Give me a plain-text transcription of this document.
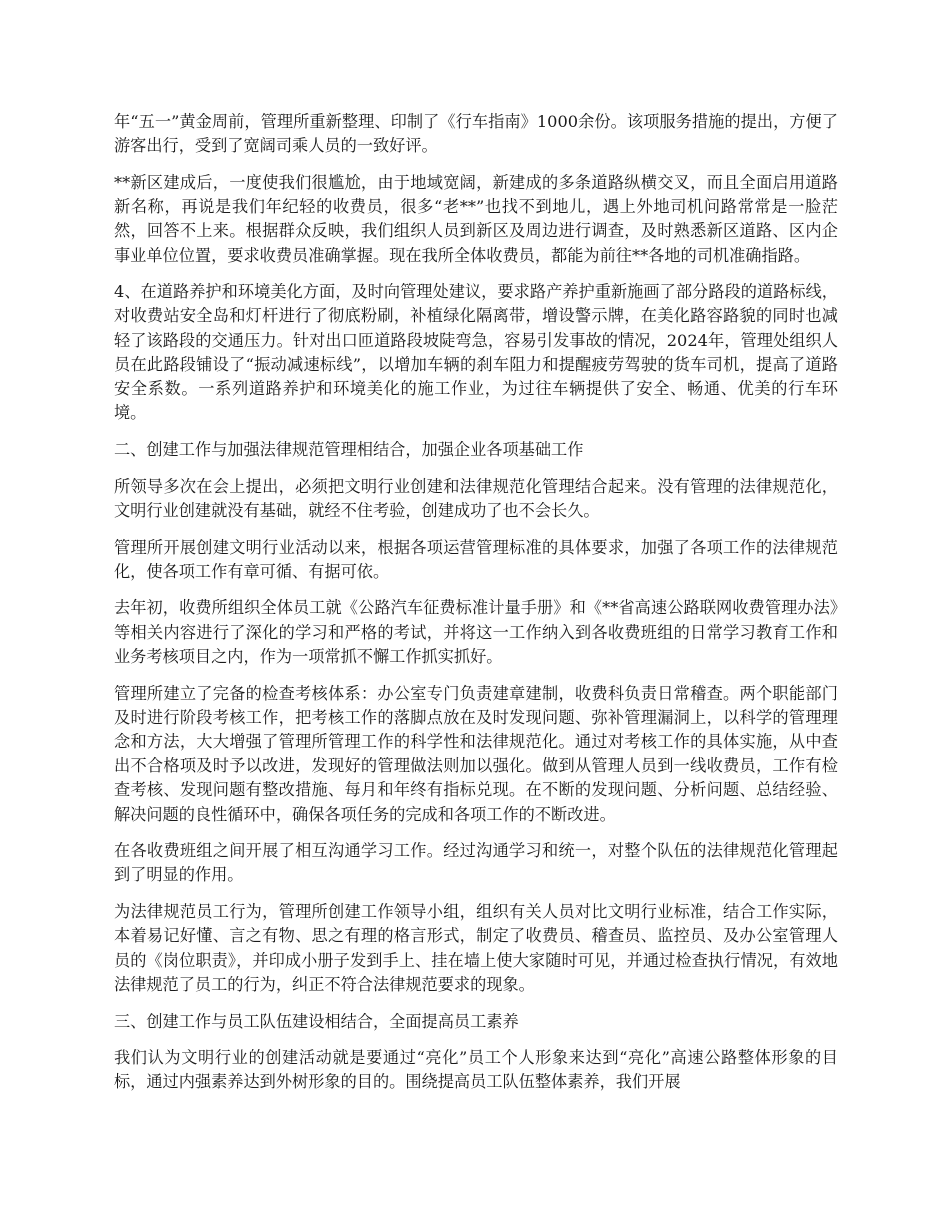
年“五一”黄金周前，管理所重新整理、印制了《行车指南》1000余份。该项服务措施的提出，方便了游客出行，受到了宽阔司乘人员的一致好评。

**新区建成后，一度使我们很尴尬，由于地域宽阔，新建成的多条道路纵横交叉，而且全面启用道路新名称，再说是我们年纪轻的收费员，很多“老**”也找不到地儿，遇上外地司机问路常常是一脸茫然，回答不上来。根据群众反映，我们组织人员到新区及周边进行调查，及时熟悉新区道路、区内企事业单位位置，要求收费员准确掌握。现在我所全体收费员，都能为前往**各地的司机准确指路。

4、在道路养护和环境美化方面，及时向管理处建议，要求路产养护重新施画了部分路段的道路标线，对收费站安全岛和灯杆进行了彻底粉刷，补植绿化隔离带，增设警示牌，在美化路容路貌的同时也减轻了该路段的交通压力。针对出口匝道路段坡陡弯急，容易引发事故的情况，2024年，管理处组织人员在此路段铺设了“振动减速标线”，以增加车辆的刹车阻力和提醒疲劳驾驶的货车司机，提高了道路安全系数。一系列道路养护和环境美化的施工作业，为过往车辆提供了安全、畅通、优美的行车环境。

二、创建工作与加强法律规范管理相结合，加强企业各项基础工作

所领导多次在会上提出，必须把文明行业创建和法律规范化管理结合起来。没有管理的法律规范化，文明行业创建就没有基础，就经不住考验，创建成功了也不会长久。

管理所开展创建文明行业活动以来，根据各项运营管理标准的具体要求，加强了各项工作的法律规范化，使各项工作有章可循、有据可依。

去年初，收费所组织全体员工就《公路汽车征费标准计量手册》和《**省高速公路联网收费管理办法》等相关内容进行了深化的学习和严格的考试，并将这一工作纳入到各收费班组的日常学习教育工作和业务考核项目之内，作为一项常抓不懈工作抓实抓好。

管理所建立了完备的检查考核体系：办公室专门负责建章建制，收费科负责日常稽查。两个职能部门及时进行阶段考核工作，把考核工作的落脚点放在及时发现问题、弥补管理漏洞上，以科学的管理理念和方法，大大增强了管理所管理工作的科学性和法律规范化。通过对考核工作的具体实施，从中查出不合格项及时予以改进，发现好的管理做法则加以强化。做到从管理人员到一线收费员，工作有检查考核、发现问题有整改措施、每月和年终有指标兑现。在不断的发现问题、分析问题、总结经验、解决问题的良性循环中，确保各项任务的完成和各项工作的不断改进。

在各收费班组之间开展了相互沟通学习工作。经过沟通学习和统一，对整个队伍的法律规范化管理起到了明显的作用。

为法律规范员工行为，管理所创建工作领导小组，组织有关人员对比文明行业标准，结合工作实际，本着易记好懂、言之有物、思之有理的格言形式，制定了收费员、稽查员、监控员、及办公室管理人员的《岗位职责》，并印成小册子发到手上、挂在墙上使大家随时可见，并通过检查执行情况，有效地法律规范了员工的行为，纠正不符合法律规范要求的现象。

三、创建工作与员工队伍建设相结合，全面提高员工素养

我们认为文明行业的创建活动就是要通过“亮化”员工个人形象来达到“亮化”高速公路整体形象的目标，通过内强素养达到外树形象的目的。围绕提高员工队伍整体素养，我们开展
